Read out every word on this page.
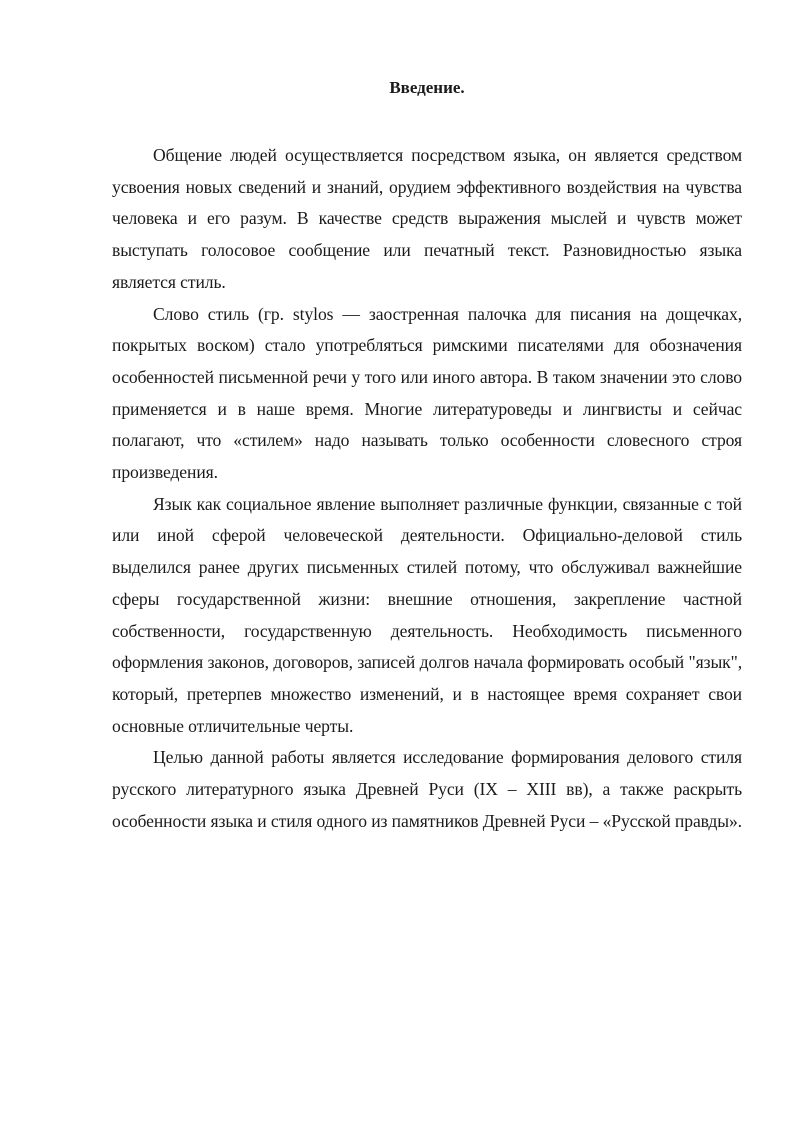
Введение.

Общение людей осуществляется посредством языка, он является средством усвоения новых сведений и знаний, орудием эффективного воздействия на чувства человека и его разум. В качестве средств выражения мыслей и чувств может выступать голосовое сообщение или печатный текст. Разновидностью языка является стиль.

Слово стиль (гр. stylos — заостренная палочка для писания на дощечках, покрытых воском) стало употребляться римскими писателями для обозначения особенностей письменной речи у того или иного автора. В таком значении это слово применяется и в наше время. Многие литературоведы и лингвисты и сейчас полагают, что «стилем» надо называть только особенности словесного строя произведения.

Язык как социальное явление выполняет различные функции, связанные с той или иной сферой человеческой деятельности. Официально-деловой стиль выделился ранее других письменных стилей потому, что обслуживал важнейшие сферы государственной жизни: внешние отношения, закрепление частной собственности, государственную деятельность. Необходимость письменного оформления законов, договоров, записей долгов начала формировать особый "язык", который, претерпев множество изменений, и в настоящее время сохраняет свои основные отличительные черты.

Целью данной работы является исследование формирования делового стиля русского литературного языка Древней Руси (IX – XIII вв), а также раскрыть особенности языка и стиля одного из памятников Древней Руси – «Русской правды».
